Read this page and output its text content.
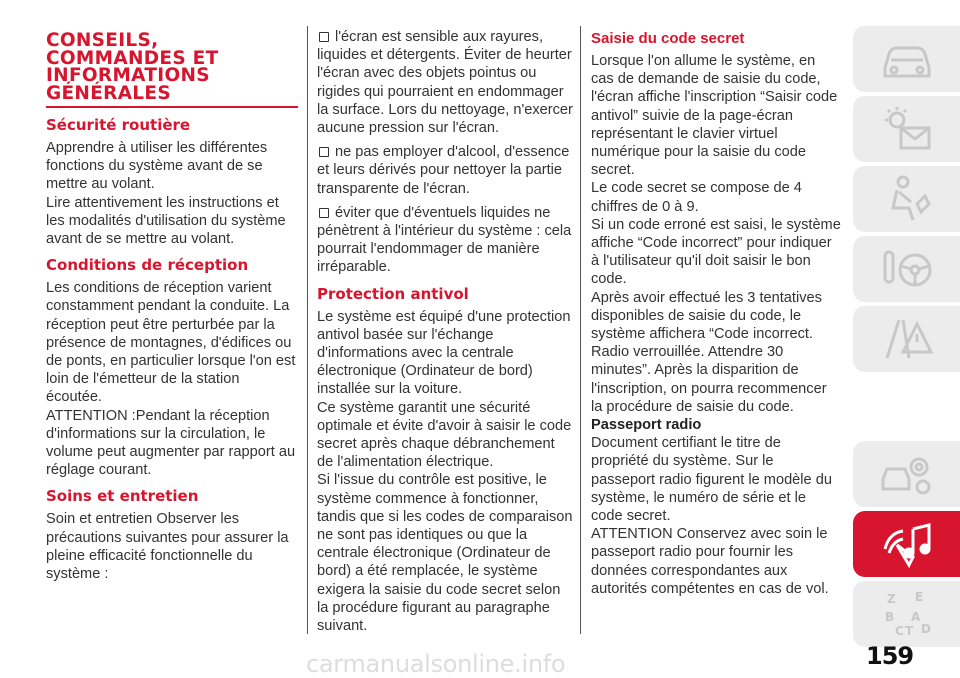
CONSEILS, COMMANDES ET INFORMATIONS GÉNÉRALES
Sécurité routière

Apprendre à utiliser les différentes fonctions du système avant de se mettre au volant.

Lire attentivement les instructions et les modalités d'utilisation du système avant de se mettre au volant.

Conditions de réception

Les conditions de réception varient constamment pendant la conduite. La réception peut être perturbée par la présence de montagnes, d'édifices ou de ponts, en particulier lorsque l'on est loin de l'émetteur de la station écoutée.

ATTENTION :Pendant la réception d'informations sur la circulation, le volume peut augmenter par rapport au réglage courant.

Soins et entretien

Soin et entretien Observer les précautions suivantes pour assurer la pleine efficacité fonctionnelle du système :

l'écran est sensible aux rayures, liquides et détergents. Éviter de heurter l'écran avec des objets pointus ou rigides qui pourraient en endommager la surface. Lors du nettoyage, n'exercer aucune pression sur l'écran.

ne pas employer d'alcool, d'essence et leurs dérivés pour nettoyer la partie transparente de l'écran.

éviter que d'éventuels liquides ne pénètrent à l'intérieur du système : cela pourrait l'endommager de manière irréparable.

Protection antivol

Le système est équipé d'une protection antivol basée sur l'échange d'informations avec la centrale électronique (Ordinateur de bord) installée sur la voiture.

Ce système garantit une sécurité optimale et évite d'avoir à saisir le code secret après chaque débranchement de l'alimentation électrique.

Si l'issue du contrôle est positive, le système commence à fonctionner, tandis que si les codes de comparaison ne sont pas identiques ou que la centrale électronique (Ordinateur de bord) a été remplacée, le système exigera la saisie du code secret selon la procédure figurant au paragraphe suivant.

Saisie du code secret

Lorsque l'on allume le système, en cas de demande de saisie du code, l'écran affiche l'inscription “Saisir code antivol” suivie de la page-écran représentant le clavier virtuel numérique pour la saisie du code secret.

Le code secret se compose de 4 chiffres de 0 à 9.

Si un code erroné est saisi, le système affiche “Code incorrect” pour indiquer à l'utilisateur qu'il doit saisir le bon code.

Après avoir effectué les 3 tentatives disponibles de saisie du code, le système affichera “Code incorrect. Radio verrouillée. Attendre 30 minutes”. Après la disparition de l'inscription, on pourra recommencer la procédure de saisie du code.

Passeport radio

Document certifiant le titre de propriété du système. Sur le passeport radio figurent le modèle du système, le numéro de série et le code secret.

ATTENTION Conservez avec soin le passeport radio pour fournir les données correspondantes aux autorités compétentes en cas de vol.

Z E
B A
C T D
159
carmanualsonline.info
